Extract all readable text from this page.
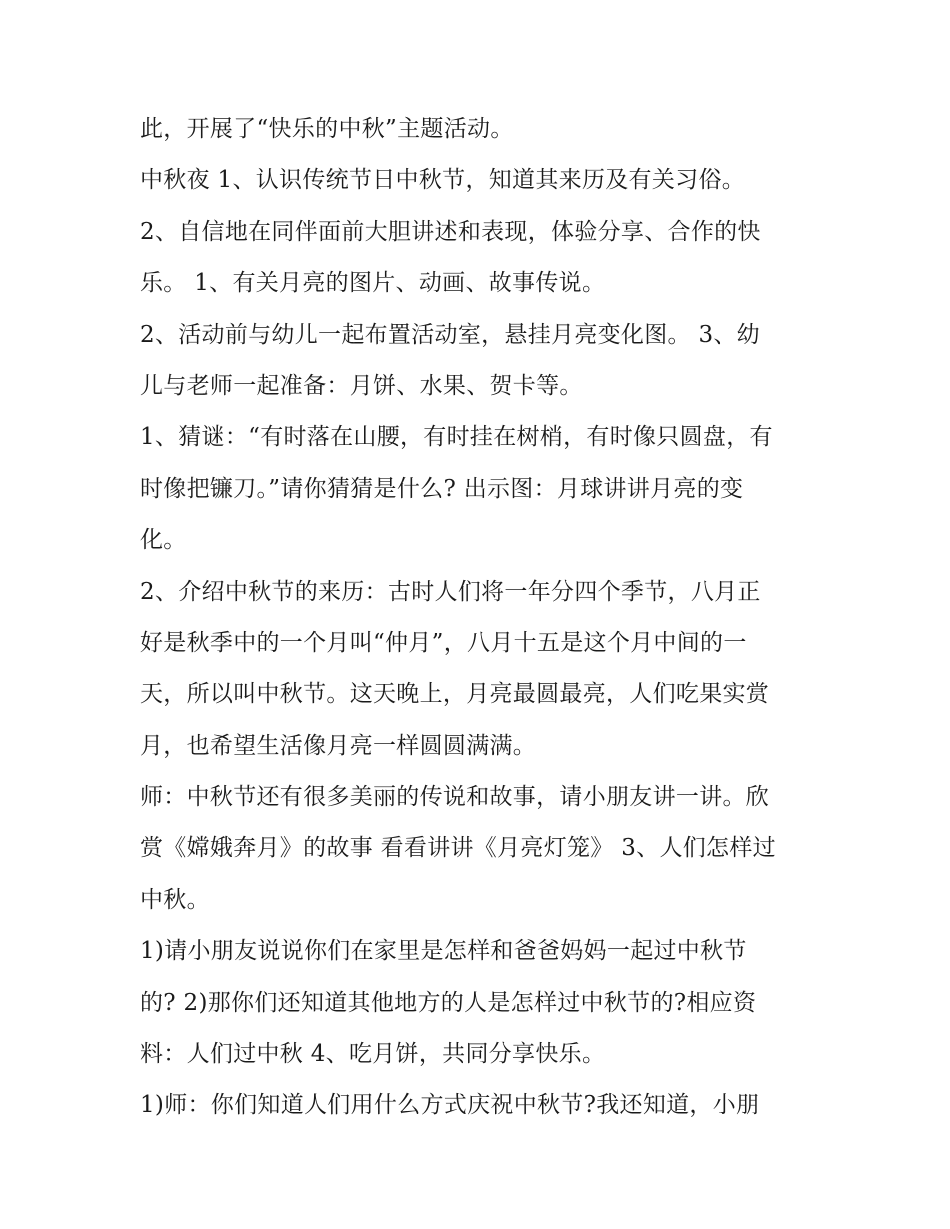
此，开展了“快乐的中秋”主题活动。
中秋夜 1、认识传统节日中秋节，知道其来历及有关习俗。
2、自信地在同伴面前大胆讲述和表现，体验分享、合作的快
乐。 1、有关月亮的图片、动画、故事传说。
2、活动前与幼儿一起布置活动室，悬挂月亮变化图。 3、幼
儿与老师一起准备：月饼、水果、贺卡等。
1、猜谜：“有时落在山腰，有时挂在树梢，有时像只圆盘，有
时像把镰刀。”请你猜猜是什么? 出示图：月球讲讲月亮的变
化。
2、介绍中秋节的来历：古时人们将一年分四个季节，八月正
好是秋季中的一个月叫“仲月”，八月十五是这个月中间的一
天，所以叫中秋节。这天晚上，月亮最圆最亮，人们吃果实赏
月，也希望生活像月亮一样圆圆满满。
师：中秋节还有很多美丽的传说和故事，请小朋友讲一讲。欣
赏《嫦娥奔月》的故事 看看讲讲《月亮灯笼》 3、人们怎样过
中秋。
1)请小朋友说说你们在家里是怎样和爸爸妈妈一起过中秋节
的? 2)那你们还知道其他地方的人是怎样过中秋节的?相应资
料：人们过中秋 4、吃月饼，共同分享快乐。
1)师：你们知道人们用什么方式庆祝中秋节?我还知道，小朋
